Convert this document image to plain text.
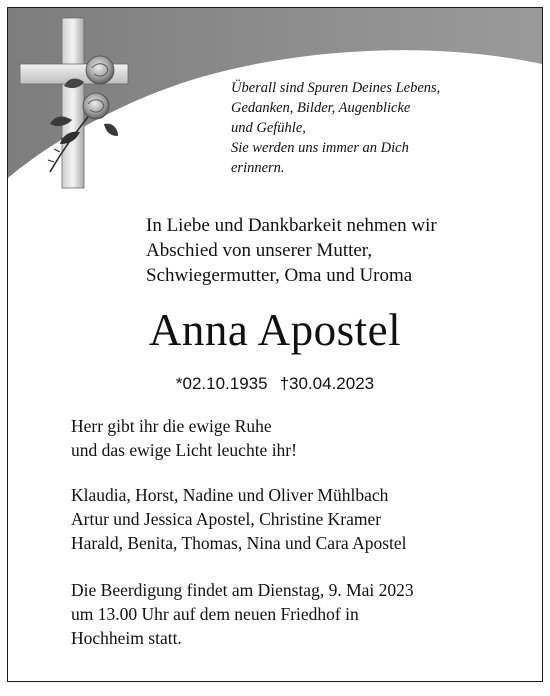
Überall sind Spuren Deines Lebens,
Gedanken, Bilder, Augenblicke
und Gefühle,
Sie werden uns immer an Dich
erinnern.
In Liebe und Dankbarkeit nehmen wir
Abschied von unserer Mutter,
Schwiegermutter, Oma und Uroma
Anna Apostel
*02.10.1935 †30.04.2023
Herr gibt ihr die ewige Ruhe
und das ewige Licht leuchte ihr!
Klaudia, Horst, Nadine und Oliver Mühlbach
Artur und Jessica Apostel, Christine Kramer
Harald, Benita, Thomas, Nina und Cara Apostel
Die Beerdigung findet am Dienstag, 9. Mai 2023
um 13.00 Uhr auf dem neuen Friedhof in
Hochheim statt.
